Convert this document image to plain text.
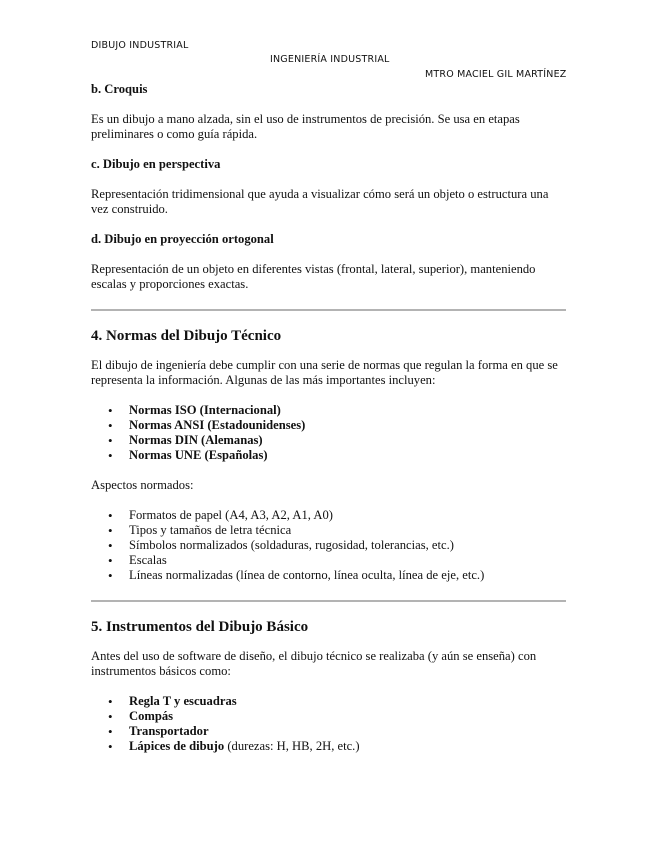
DIBUJO INDUSTRIAL
INGENIERÍA INDUSTRIAL
MTRO MACIEL GIL MARTÍNEZ

b. Croquis

Es un dibujo a mano alzada, sin el uso de instrumentos de precisión. Se usa en etapas preliminares o como guía rápida.

c. Dibujo en perspectiva

Representación tridimensional que ayuda a visualizar cómo será un objeto o estructura una vez construido.

d. Dibujo en proyección ortogonal

Representación de un objeto en diferentes vistas (frontal, lateral, superior), manteniendo escalas y proporciones exactas.

4. Normas del Dibujo Técnico

El dibujo de ingeniería debe cumplir con una serie de normas que regulan la forma en que se representa la información. Algunas de las más importantes incluyen:

• Normas ISO (Internacional)
• Normas ANSI (Estadounidenses)
• Normas DIN (Alemanas)
• Normas UNE (Españolas)

Aspectos normados:

• Formatos de papel (A4, A3, A2, A1, A0)
• Tipos y tamaños de letra técnica
• Símbolos normalizados (soldaduras, rugosidad, tolerancias, etc.)
• Escalas
• Líneas normalizadas (línea de contorno, línea oculta, línea de eje, etc.)
5. Instrumentos del Dibujo Básico

Antes del uso de software de diseño, el dibujo técnico se realizaba (y aún se enseña) con instrumentos básicos como:

• Regla T y escuadras
• Compás
• Transportador
• Lápices de dibujo (durezas: H, HB, 2H, etc.)
